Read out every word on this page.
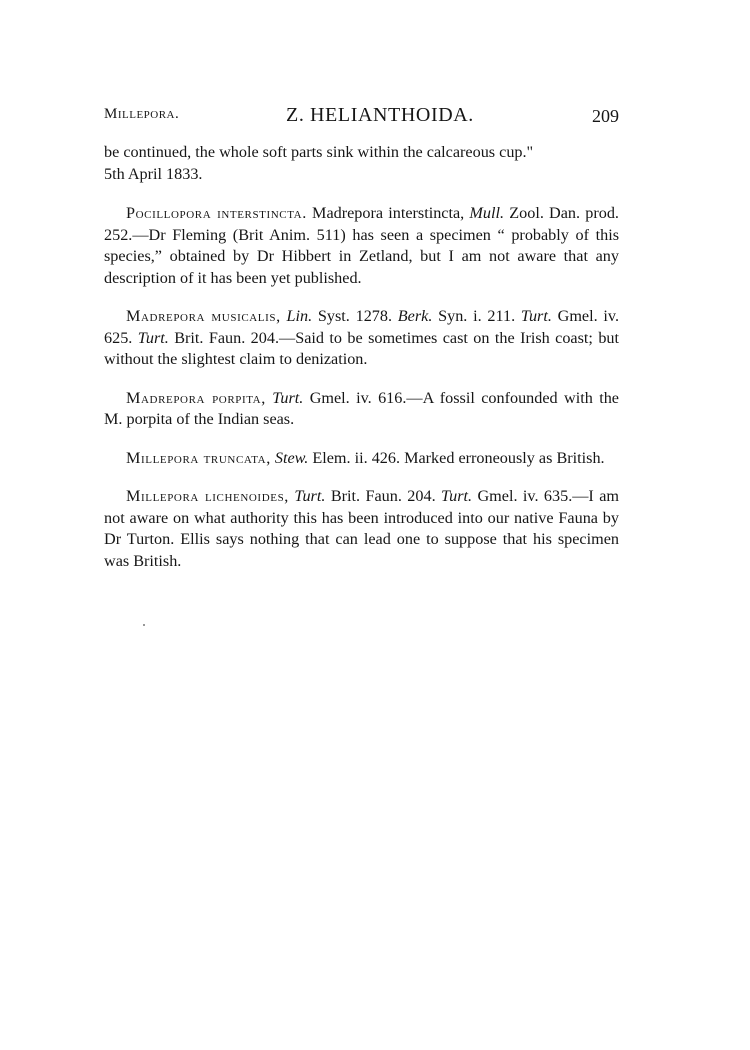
Millepora.	Z. HELIANTHOIDA.	209

be continued, the whole soft parts sink within the calcareous cup."
5th April 1833.

Pocillopora interstincta. Madrepora interstincta, Mull. Zool. Dan. prod. 252.—Dr Fleming (Brit Anim. 511) has seen a specimen “ probably of this species,” obtained by Dr Hibbert in Zetland, but I am not aware that any description of it has been yet published.

Madrepora musicalis, Lin. Syst. 1278. Berk. Syn. i. 211. Turt. Gmel. iv. 625. Turt. Brit. Faun. 204.—Said to be sometimes cast on the Irish coast; but without the slightest claim to denization.

Madrepora porpita, Turt. Gmel. iv. 616.—A fossil confounded with the M. porpita of the Indian seas.

Millepora truncata, Stew. Elem. ii. 426. Marked erroneously as British.

Millepora lichenoides, Turt. Brit. Faun. 204. Turt. Gmel. iv. 635.—I am not aware on what authority this has been introduced into our native Fauna by Dr Turton. Ellis says nothing that can lead one to suppose that his specimen was British.
